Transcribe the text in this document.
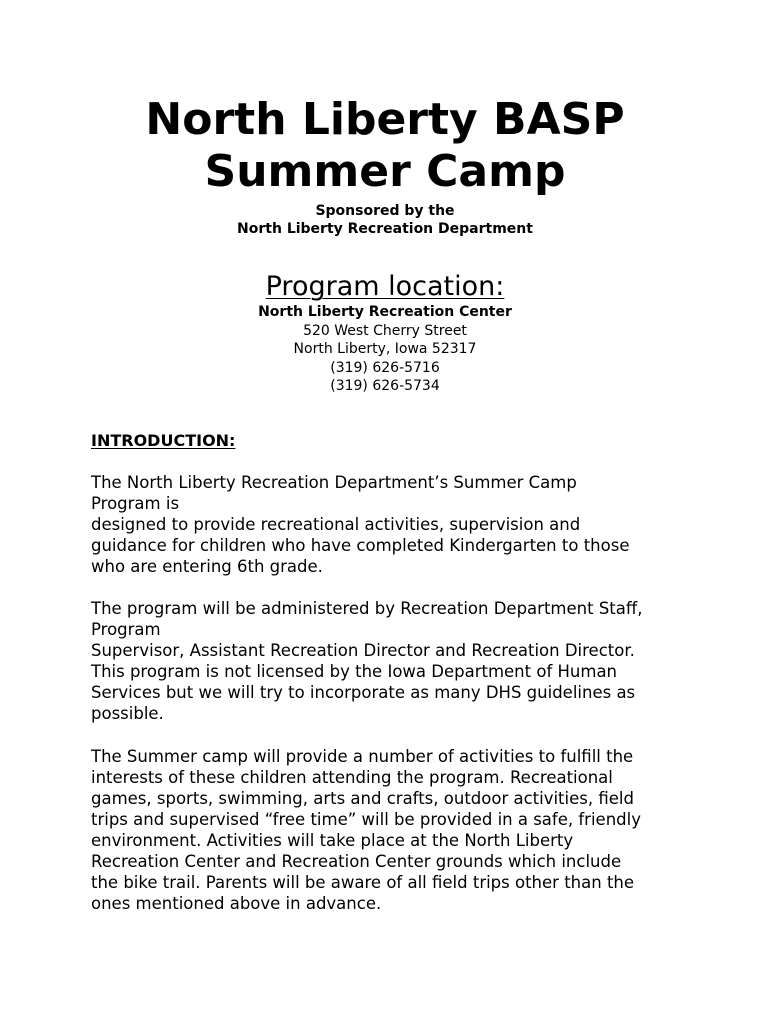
North Liberty BASP
Summer Camp
Sponsored by the
North Liberty Recreation Department
Program location:
North Liberty Recreation Center
520 West Cherry Street
North Liberty, Iowa 52317
(319) 626-5716
(319) 626-5734
INTRODUCTION:
The North Liberty Recreation Department’s Summer Camp
Program is
designed to provide recreational activities, supervision and
guidance for children who have completed Kindergarten to those
who are entering 6th grade.
The program will be administered by Recreation Department Staff,
Program
Supervisor, Assistant Recreation Director and Recreation Director.
This program is not licensed by the Iowa Department of Human
Services but we will try to incorporate as many DHS guidelines as
possible.
The Summer camp will provide a number of activities to fulfill the
interests of these children attending the program. Recreational
games, sports, swimming, arts and crafts, outdoor activities, field
trips and supervised “free time” will be provided in a safe, friendly
environment. Activities will take place at the North Liberty
Recreation Center and Recreation Center grounds which include
the bike trail. Parents will be aware of all field trips other than the
ones mentioned above in advance.
